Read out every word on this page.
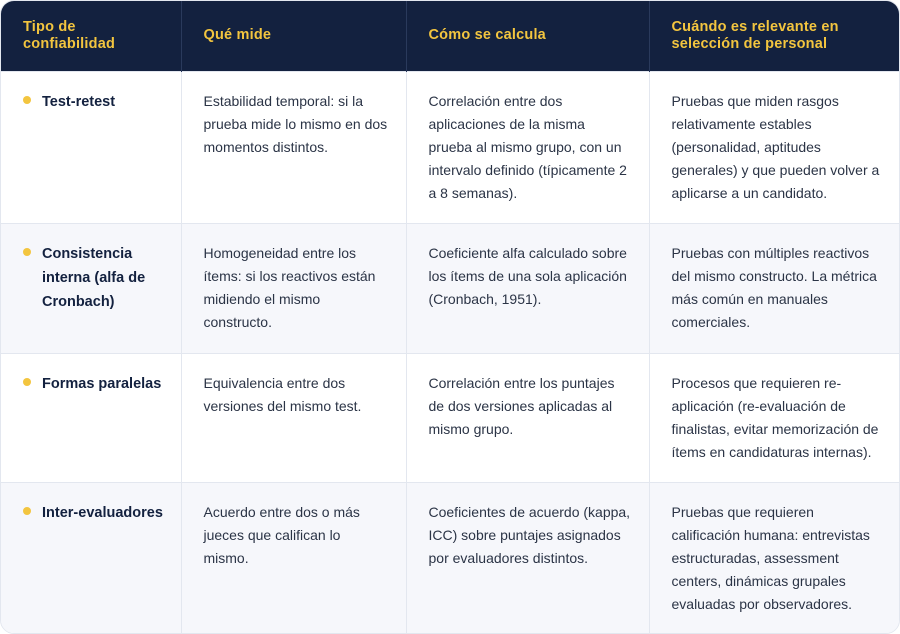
Tipo de confiabilidad	Qué mide	Cómo se calcula	Cuándo es relevante en selección de personal

Test-retest	Estabilidad temporal: si la prueba mide lo mismo en dos momentos distintos.	Correlación entre dos aplicaciones de la misma prueba al mismo grupo, con un intervalo definido (típicamente 2 a 8 semanas).	Pruebas que miden rasgos relativamente estables (personalidad, aptitudes generales) y que pueden volver a aplicarse a un candidato.

Consistencia interna (alfa de Cronbach)	Homogeneidad entre los ítems: si los reactivos están midiendo el mismo constructo.	Coeficiente alfa calculado sobre los ítems de una sola aplicación (Cronbach, 1951).	Pruebas con múltiples reactivos del mismo constructo. La métrica más común en manuales comerciales.

Formas paralelas	Equivalencia entre dos versiones del mismo test.	Correlación entre los puntajes de dos versiones aplicadas al mismo grupo.	Procesos que requieren re-aplicación (re-evaluación de finalistas, evitar memorización de ítems en candidaturas internas).

Inter-evaluadores	Acuerdo entre dos o más jueces que califican lo mismo.	Coeficientes de acuerdo (kappa, ICC) sobre puntajes asignados por evaluadores distintos.	Pruebas que requieren calificación humana: entrevistas estructuradas, assessment centers, dinámicas grupales evaluadas por observadores.
